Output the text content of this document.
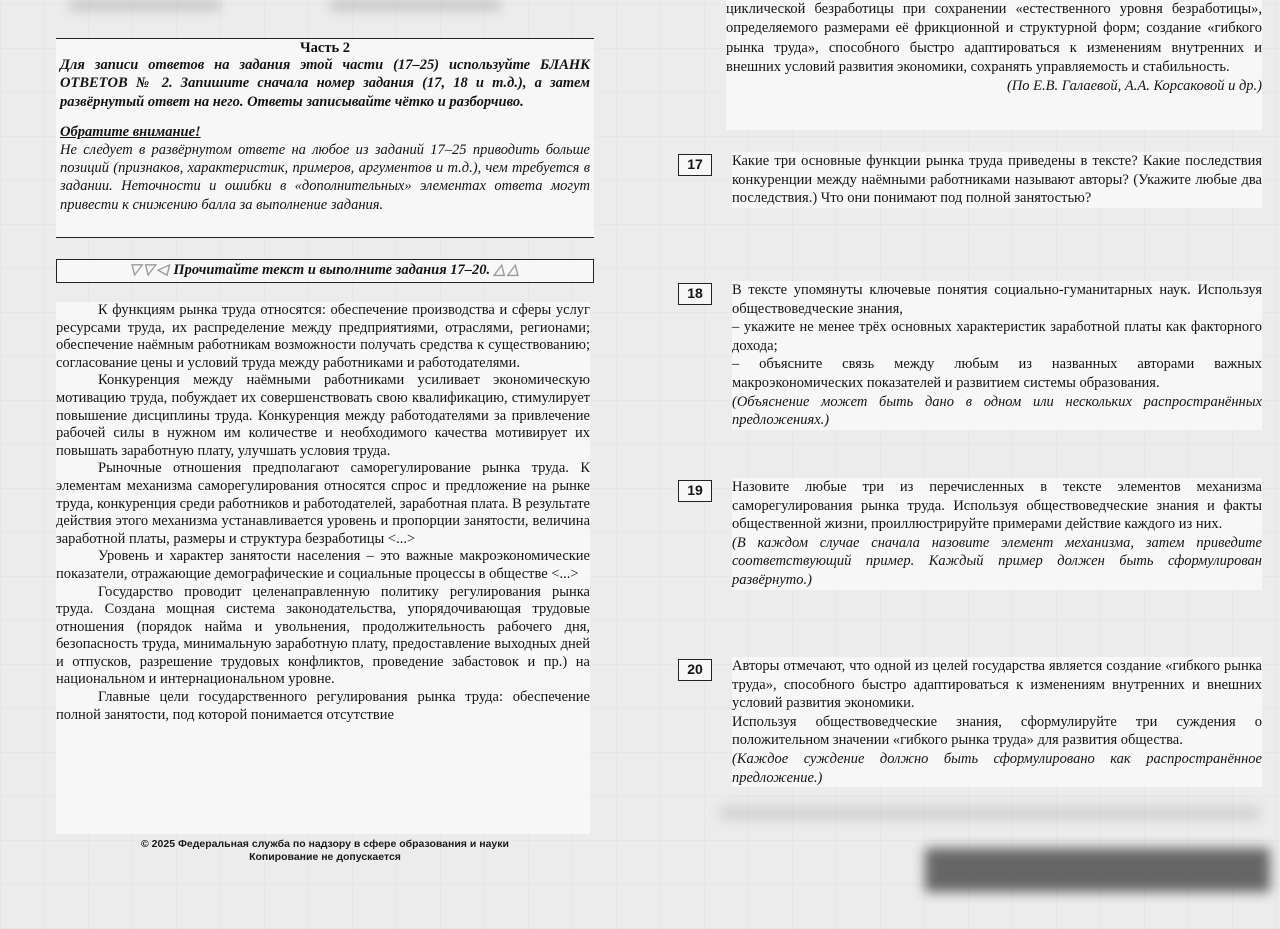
Часть 2

Для записи ответов на задания этой части (17–25) используйте БЛАНК ОТВЕТОВ № 2. Запишите сначала номер задания (17, 18 и т.д.), а затем развёрнутый ответ на него. Ответы записывайте чётко и разборчиво.

Обратите внимание!

Не следует в развёрнутом ответе на любое из заданий 17–25 приводить больше позиций (признаков, характеристик, примеров, аргументов и т.д.), чем требуется в задании. Неточности и ошибки в «дополнительных» элементах ответа могут привести к снижению балла за выполнение задания.

▽▽◁ Прочитайте текст и выполните задания 17–20. △△

К функциям рынка труда относятся: обеспечение производства и сферы услуг ресурсами труда, их распределение между предприятиями, отраслями, регионами; обеспечение наёмным работникам возможности получать средства к существованию; согласование цены и условий труда между работниками и работодателями.

Конкуренция между наёмными работниками усиливает экономическую мотивацию труда, побуждает их совершенствовать свою квалификацию, стимулирует повышение дисциплины труда. Конкуренция между работодателями за привлечение рабочей силы в нужном им количестве и необходимого качества мотивирует их повышать заработную плату, улучшать условия труда.

Рыночные отношения предполагают саморегулирование рынка труда. К элементам механизма саморегулирования относятся спрос и предложение на рынке труда, конкуренция среди работников и работодателей, заработная плата. В результате действия этого механизма устанавливается уровень и пропорции занятости, величина заработной платы, размеры и структура безработицы <...>

Уровень и характер занятости населения – это важные макроэкономические показатели, отражающие демографические и социальные процессы в обществе <...>

Государство проводит целенаправленную политику регулирования рынка труда. Создана мощная система законодательства, упорядочивающая трудовые отношения (порядок найма и увольнения, продолжительность рабочего дня, безопасность труда, минимальную заработную плату, предоставление выходных дней и отпусков, разрешение трудовых конфликтов, проведение забастовок и пр.) на национальном и интернациональном уровне.

Главные цели государственного регулирования рынка труда: обеспечение полной занятости, под которой понимается отсутствие

© 2025 Федеральная служба по надзору в сфере образования и науки
Копирование не допускается

циклической безработицы при сохранении «естественного уровня безработицы», определяемого размерами её фрикционной и структурной форм; создание «гибкого рынка труда», способного быстро адаптироваться к изменениям внутренних и внешних условий развития экономики, сохранять управляемость и стабильность.

(По Е.В. Галаевой, А.А. Корсаковой и др.)

17	Какие три основные функции рынка труда приведены в тексте? Какие последствия конкуренции между наёмными работниками называют авторы? (Укажите любые два последствия.) Что они понимают под полной занятостью?

18	В тексте упомянуты ключевые понятия социально-гуманитарных наук. Используя обществоведческие знания,

– укажите не менее трёх основных характеристик заработной платы как факторного дохода;

– объясните связь между любым из названных авторами важных макроэкономических показателей и развитием системы образования.

(Объяснение может быть дано в одном или нескольких распространённых предложениях.)

19	Назовите любые три из перечисленных в тексте элементов механизма саморегулирования рынка труда. Используя обществоведческие знания и факты общественной жизни, проиллюстрируйте примерами действие каждого из них.

(В каждом случае сначала назовите элемент механизма, затем приведите соответствующий пример. Каждый пример должен быть сформулирован развёрнуто.)

20	Авторы отмечают, что одной из целей государства является создание «гибкого рынка труда», способного быстро адаптироваться к изменениям внутренних и внешних условий развития экономики.

Используя обществоведческие знания, сформулируйте три суждения о положительном значении «гибкого рынка труда» для развития общества.

(Каждое суждение должно быть сформулировано как распространённое предложение.)
